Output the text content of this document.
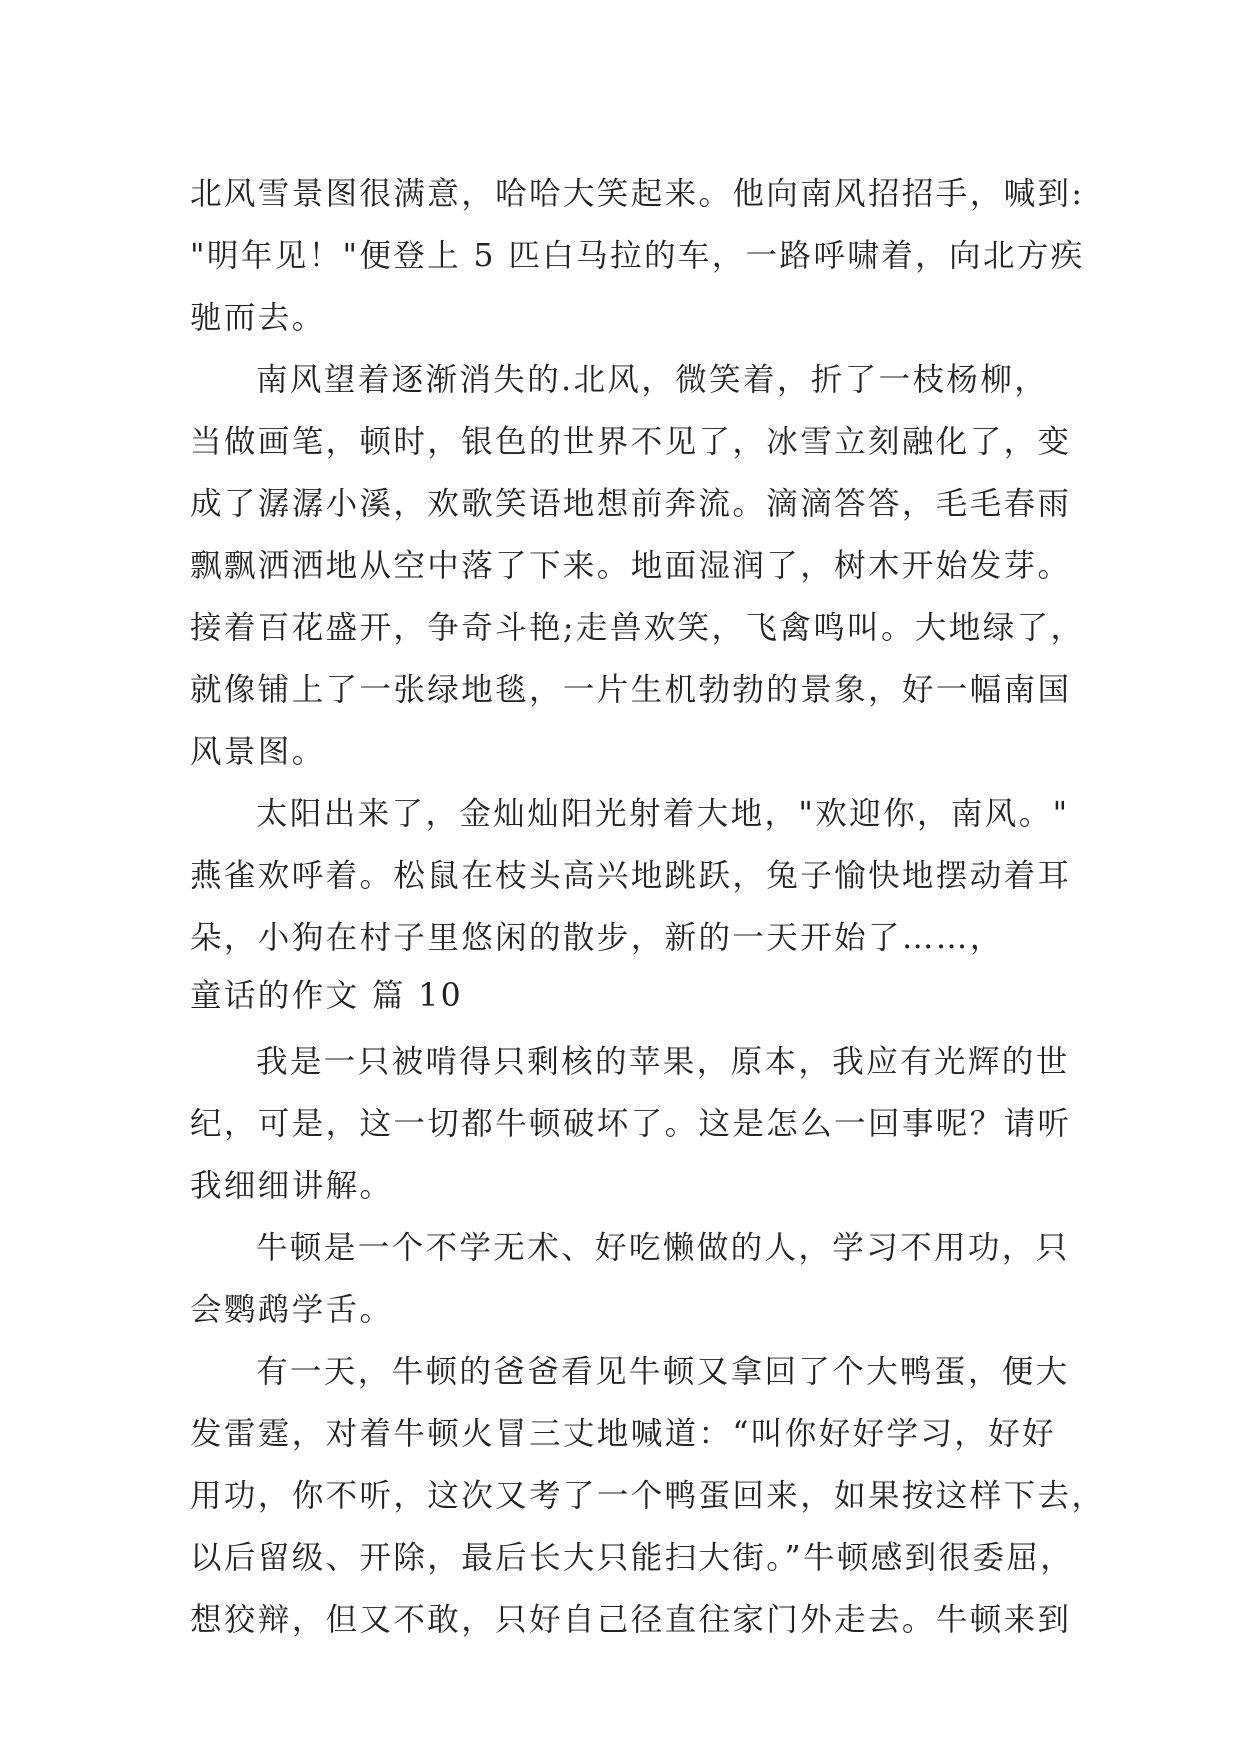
北风雪景图很满意，哈哈大笑起来。他向南风招招手，喊到:
"明年见！"便登上 5 匹白马拉的车，一路呼啸着，向北方疾
驰而去。
南风望着逐渐消失的.北风，微笑着，折了一枝杨柳，
当做画笔，顿时，银色的世界不见了，冰雪立刻融化了，变
成了潺潺小溪，欢歌笑语地想前奔流。滴滴答答，毛毛春雨
飘飘洒洒地从空中落了下来。地面湿润了，树木开始发芽。
接着百花盛开，争奇斗艳;走兽欢笑，飞禽鸣叫。大地绿了，
就像铺上了一张绿地毯，一片生机勃勃的景象，好一幅南国
风景图。
太阳出来了，金灿灿阳光射着大地，"欢迎你，南风。"
燕雀欢呼着。松鼠在枝头高兴地跳跃，兔子愉快地摆动着耳
朵，小狗在村子里悠闲的散步，新的一天开始了……，
童话的作文 篇 10
我是一只被啃得只剩核的苹果，原本，我应有光辉的世
纪，可是，这一切都牛顿破坏了。这是怎么一回事呢？请听
我细细讲解。
牛顿是一个不学无术、好吃懒做的人，学习不用功，只
会鹦鹉学舌。
有一天，牛顿的爸爸看见牛顿又拿回了个大鸭蛋，便大
发雷霆，对着牛顿火冒三丈地喊道：“叫你好好学习，好好
用功，你不听，这次又考了一个鸭蛋回来，如果按这样下去，
以后留级、开除，最后长大只能扫大街。”牛顿感到很委屈，
想狡辩，但又不敢，只好自己径直往家门外走去。牛顿来到
